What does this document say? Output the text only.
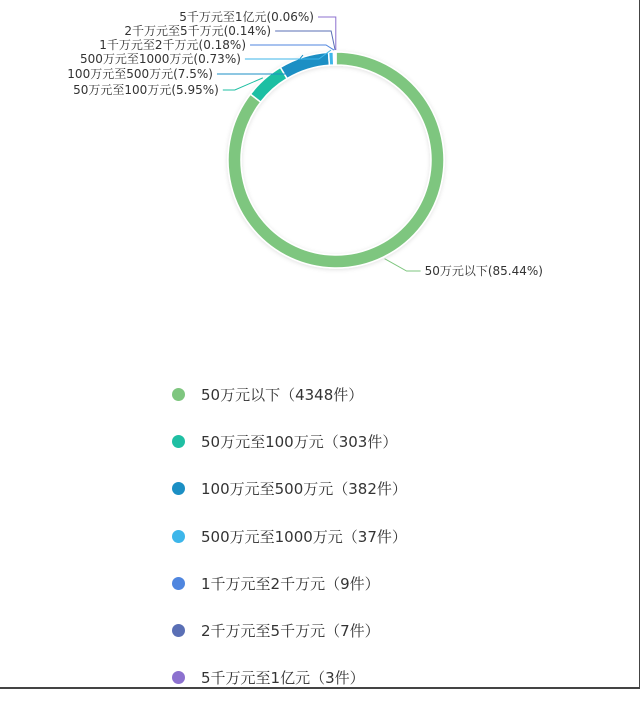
50万元以下(85.44%)
50万元至100万元(5.95%)
100万元至500万元(7.5%)
500万元至1000万元(0.73%)
1千万元至2千万元(0.18%)
2千万元至5千万元(0.14%)
5千万元至1亿元(0.06%)
50万元以下（4348件）
50万元至100万元（303件）
100万元至500万元（382件）
500万元至1000万元（37件）
1千万元至2千万元（9件）
2千万元至5千万元（7件）
5千万元至1亿元（3件）
